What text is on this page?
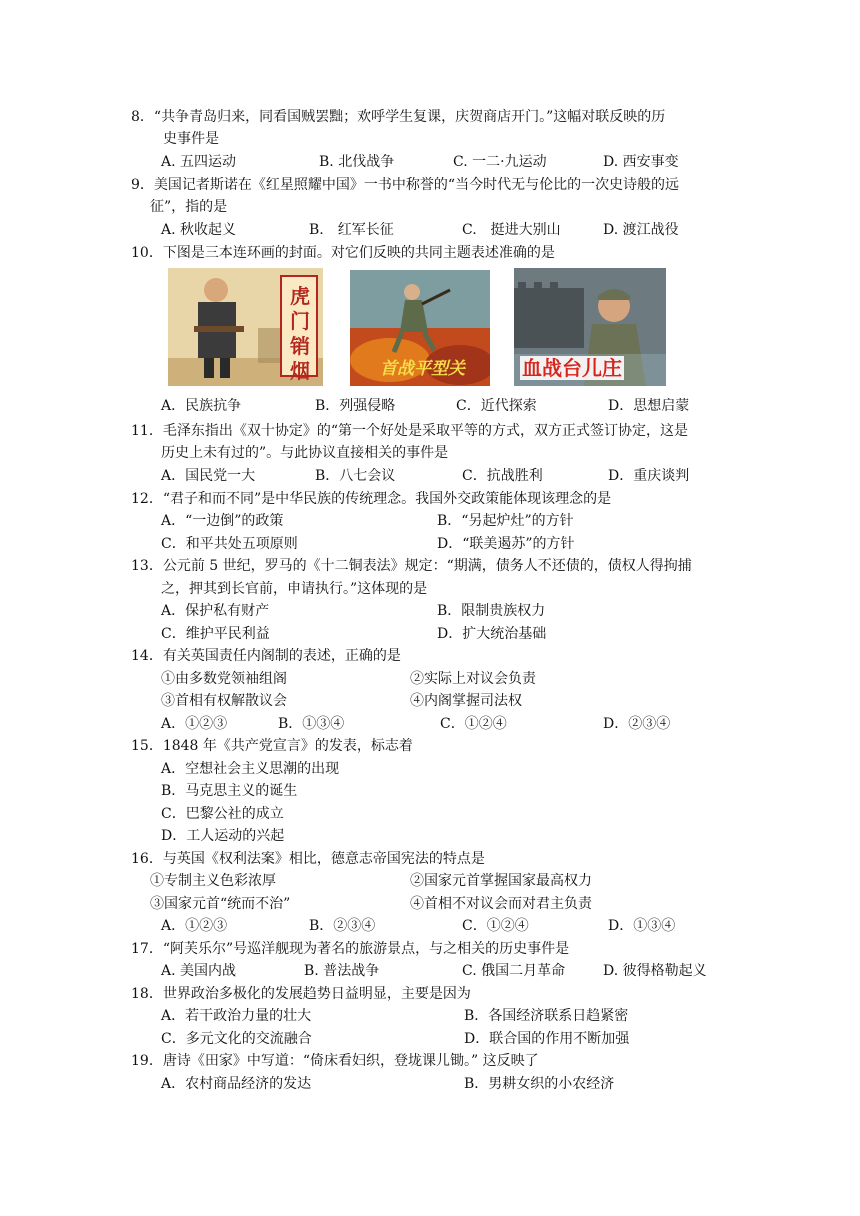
8．“共争青岛归来，同看国贼罢黜；欢呼学生复课，庆贺商店开门。”这幅对联反映的历
史事件是
A. 五四运动	B. 北伐战争	C. 一二·九运动	D. 西安事变
9．美国记者斯诺在《红星照耀中国》一书中称誉的“当今时代无与伦比的一次史诗般的远
征”，指的是
A. 秋收起义	B.　红军长征	C.　挺进大别山	D. 渡江战役
10．下图是三本连环画的封面。对它们反映的共同主题表述准确的是
虎门销烟	首战平型关	血战台儿庄
A．民族抗争	B．列强侵略	C．近代探索	D．思想启蒙
11．毛泽东指出《双十协定》的“第一个好处是采取平等的方式，双方正式签订协定，这是
历史上未有过的”。与此协议直接相关的事件是
A．国民党一大	B．八七会议	C．抗战胜利	D．重庆谈判
12．“君子和而不同”是中华民族的传统理念。我国外交政策能体现该理念的是
A．“一边倒”的政策	B．“另起炉灶”的方针
C．和平共处五项原则	D．“联美遏苏”的方针
13．公元前 5 世纪，罗马的《十二铜表法》规定：“期满，债务人不还债的，债权人得拘捕
之，押其到长官前，申请执行。”这体现的是
A．保护私有财产	B．限制贵族权力
C．维护平民利益	D．扩大统治基础
14．有关英国责任内阁制的表述，正确的是
①由多数党领袖组阁	②实际上对议会负责
③首相有权解散议会	④内阁掌握司法权
A．①②③	B．①③④	C．①②④	D．②③④
15．1848 年《共产党宣言》的发表，标志着
A．空想社会主义思潮的出现
B．马克思主义的诞生
C．巴黎公社的成立
D．工人运动的兴起
16．与英国《权利法案》相比，德意志帝国宪法的特点是
①专制主义色彩浓厚	②国家元首掌握国家最高权力
③国家元首“统而不治”	④首相不对议会而对君主负责
A．①②③	B．②③④	C．①②④	D．①③④
17．“阿芙乐尔”号巡洋舰现为著名的旅游景点，与之相关的历史事件是
A. 美国内战	B. 普法战争	C. 俄国二月革命	D. 彼得格勒起义
18．世界政治多极化的发展趋势日益明显，主要是因为
A．若干政治力量的壮大	B．各国经济联系日趋紧密
C．多元文化的交流融合	D．联合国的作用不断加强
19．唐诗《田家》中写道：“倚床看妇织，登垅课儿锄。” 这反映了
A．农村商品经济的发达	B．男耕女织的小农经济
